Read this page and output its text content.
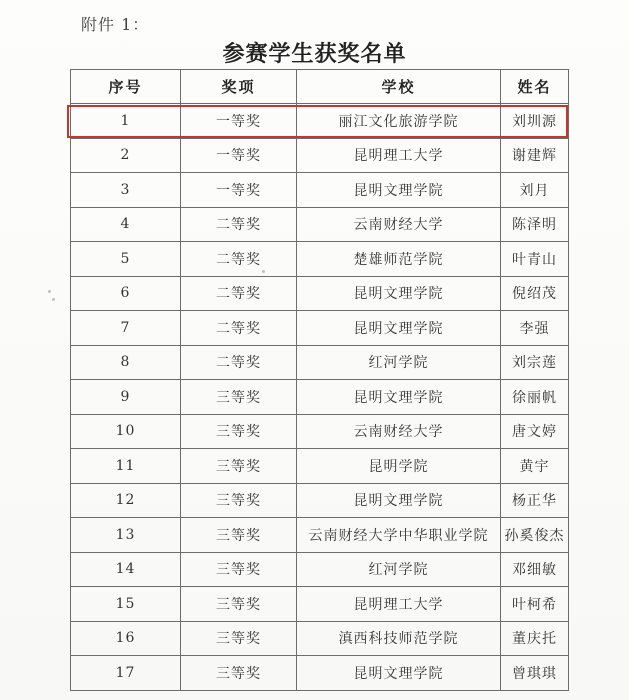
附件 1：
参赛学生获奖名单
序号	奖项	学校	姓名
1	一等奖	丽江文化旅游学院	刘圳源
2	一等奖	昆明理工大学	谢建辉
3	一等奖	昆明文理学院	刘月
4	二等奖	云南财经大学	陈泽明
5	二等奖	楚雄师范学院	叶青山
6	二等奖	昆明文理学院	倪绍茂
7	二等奖	昆明文理学院	李强
8	二等奖	红河学院	刘宗莲
9	三等奖	昆明文理学院	徐丽帆
10	三等奖	云南财经大学	唐文婷
11	三等奖	昆明学院	黄宇
12	三等奖	昆明文理学院	杨正华
13	三等奖	云南财经大学中华职业学院	孙奚俊杰
14	三等奖	红河学院	邓细敏
15	三等奖	昆明理工大学	叶柯希
16	三等奖	滇西科技师范学院	董庆托
17	三等奖	昆明文理学院	曾琪琪
